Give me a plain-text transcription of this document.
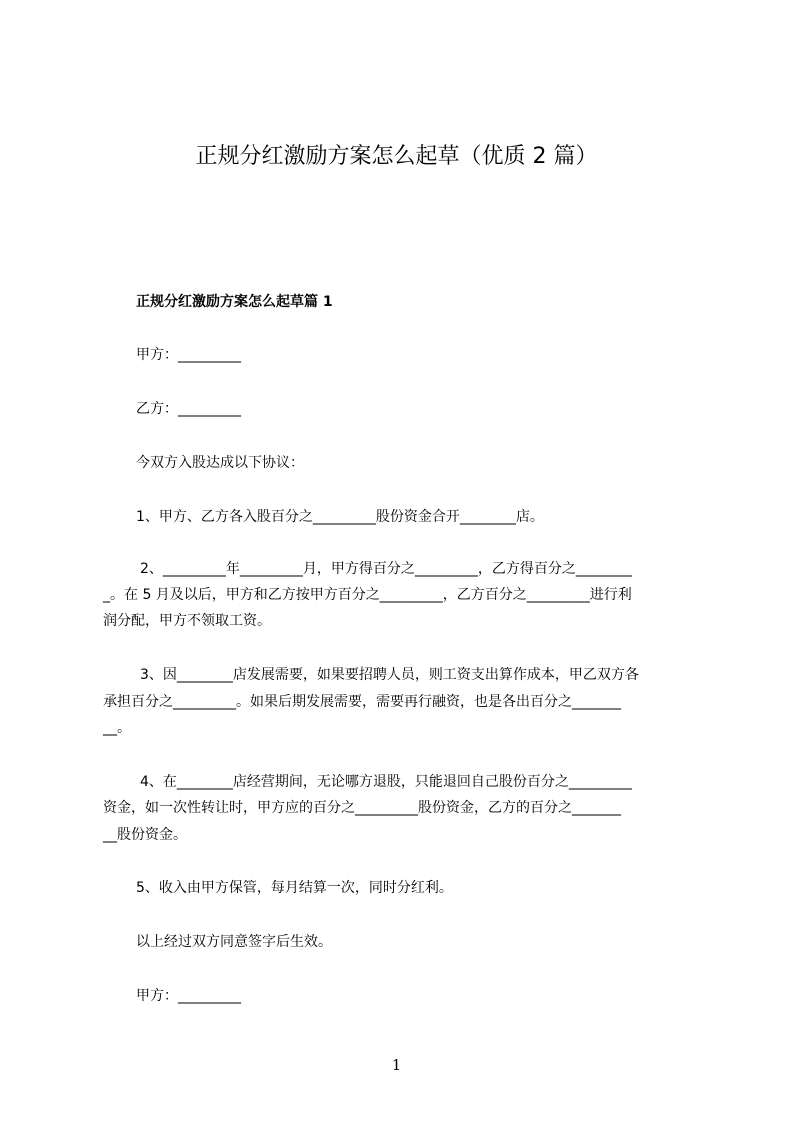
正规分红激励方案怎么起草（优质 2 篇）
正规分红激励方案怎么起草篇 1
甲方：_________
乙方：_________
今双方入股达成以下协议：
1、甲方、乙方各入股百分之_________股份资金合开________店。
2、_________年_________月，甲方得百分之_________，乙方得百分之________
_。在 5 月及以后，甲方和乙方按甲方百分之_________，乙方百分之_________进行利
润分配，甲方不领取工资。
3、因________店发展需要，如果要招聘人员，则工资支出算作成本，甲乙双方各
承担百分之_________。如果后期发展需要，需要再行融资，也是各出百分之_______
__。
4、在________店经营期间，无论哪方退股，只能退回自己股份百分之_________
资金，如一次性转让时，甲方应的百分之_________股份资金，乙方的百分之_______
__股份资金。
5、收入由甲方保管，每月结算一次，同时分红利。
以上经过双方同意签字后生效。
甲方：_________
1
